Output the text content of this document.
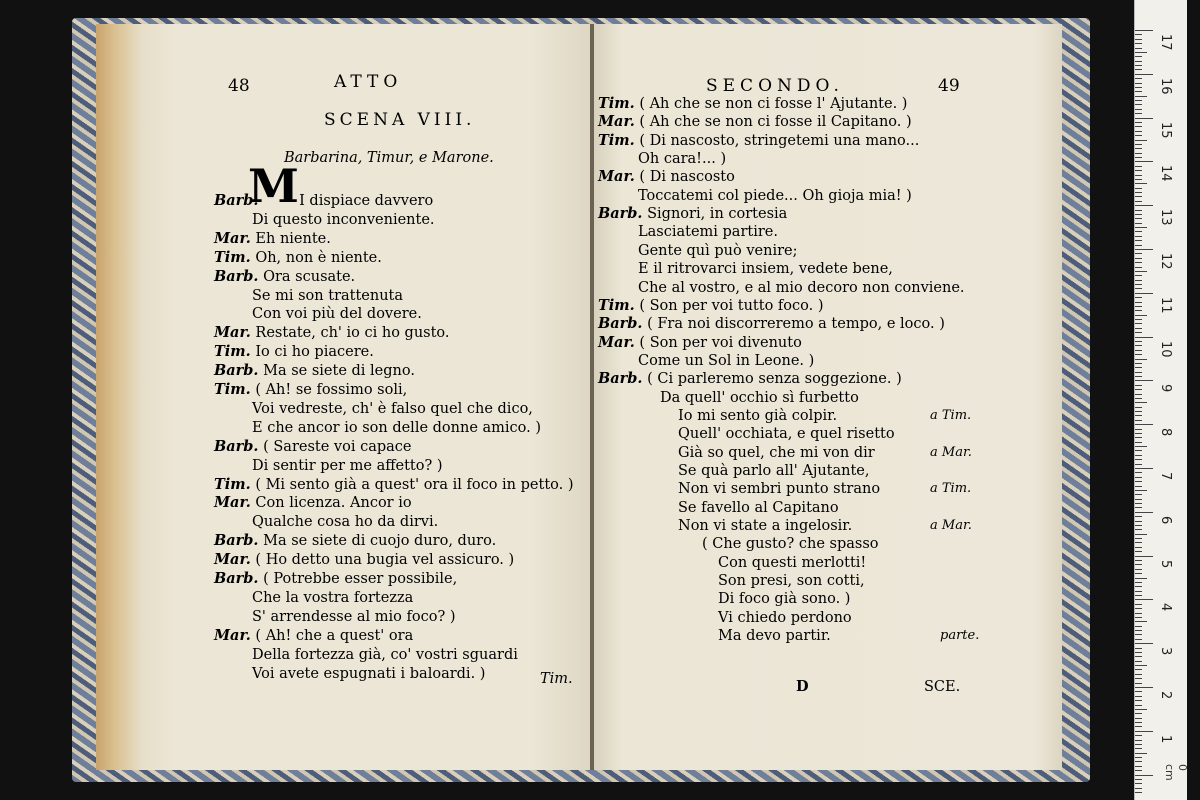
48	ATTO
SCENA VIII.
Barbarina, Timur, e Marone.
M
Barb.	I dispiace davvero
Di questo inconveniente.
Mar. Eh niente.
Tim. Oh, non è niente.
Barb. Ora scusate.
Se mi son trattenuta
Con voi più del dovere.
Mar. Restate, ch' io ci ho gusto.
Tim. Io ci ho piacere.
Barb. Ma se siete di legno.
Tim. ( Ah! se fossimo soli,
Voi vedreste, ch' è falso quel che dico,
E che ancor io son delle donne amico. )
Barb. ( Sareste voi capace
Di sentir per me affetto? )
Tim. ( Mi sento già a quest' ora il foco in petto. )
Mar. Con licenza. Ancor io
Qualche cosa ho da dirvi.
Barb. Ma se siete di cuojo duro, duro.
Mar. ( Ho detto una bugia vel assicuro. )
Barb. ( Potrebbe esser possibile,
Che la vostra fortezza
S' arrendesse al mio foco? )
Mar. ( Ah! che a quest' ora
Della fortezza già, co' vostri sguardi
Voi avete espugnati i baloardi. )	Tim.
SECONDO.	49
Tim. ( Ah che se non ci fosse l' Ajutante. )
Mar. ( Ah che se non ci fosse il Capitano. )
Tim. ( Di nascosto, stringetemi una mano...
Oh cara!... )
Mar. ( Di nascosto
Toccatemi col piede... Oh gioja mia! )
Barb. Signori, in cortesia
Lasciatemi partire.
Gente quì può venire;
E il ritrovarci insiem, vedete bene,
Che al vostro, e al mio decoro non conviene.
Tim. ( Son per voi tutto foco. )
Barb. ( Fra noi discorreremo a tempo, e loco. )
Mar. ( Son per voi divenuto
Come un Sol in Leone. )
Barb. ( Ci parleremo senza soggezione. )
Da quell' occhio sì furbetto
Io mi sento già colpir.	a Tim.
Quell' occhiata, e quel risetto
Già so quel, che mi von dir	a Mar.
Se quà parlo all' Ajutante,
Non vi sembri punto strano	a Tim.
Se favello al Capitano
Non vi state a ingelosir.	a Mar.
( Che gusto? che spasso
Con questi merlotti!
Son presi, son cotti,
Di foco già sono. )
Vi chiedo perdono
Ma devo partir.	parte.
D	SCE.
17
16
15
14
13
12
11
10
9
8
7
6
5
4
3
2
1
0 cm
